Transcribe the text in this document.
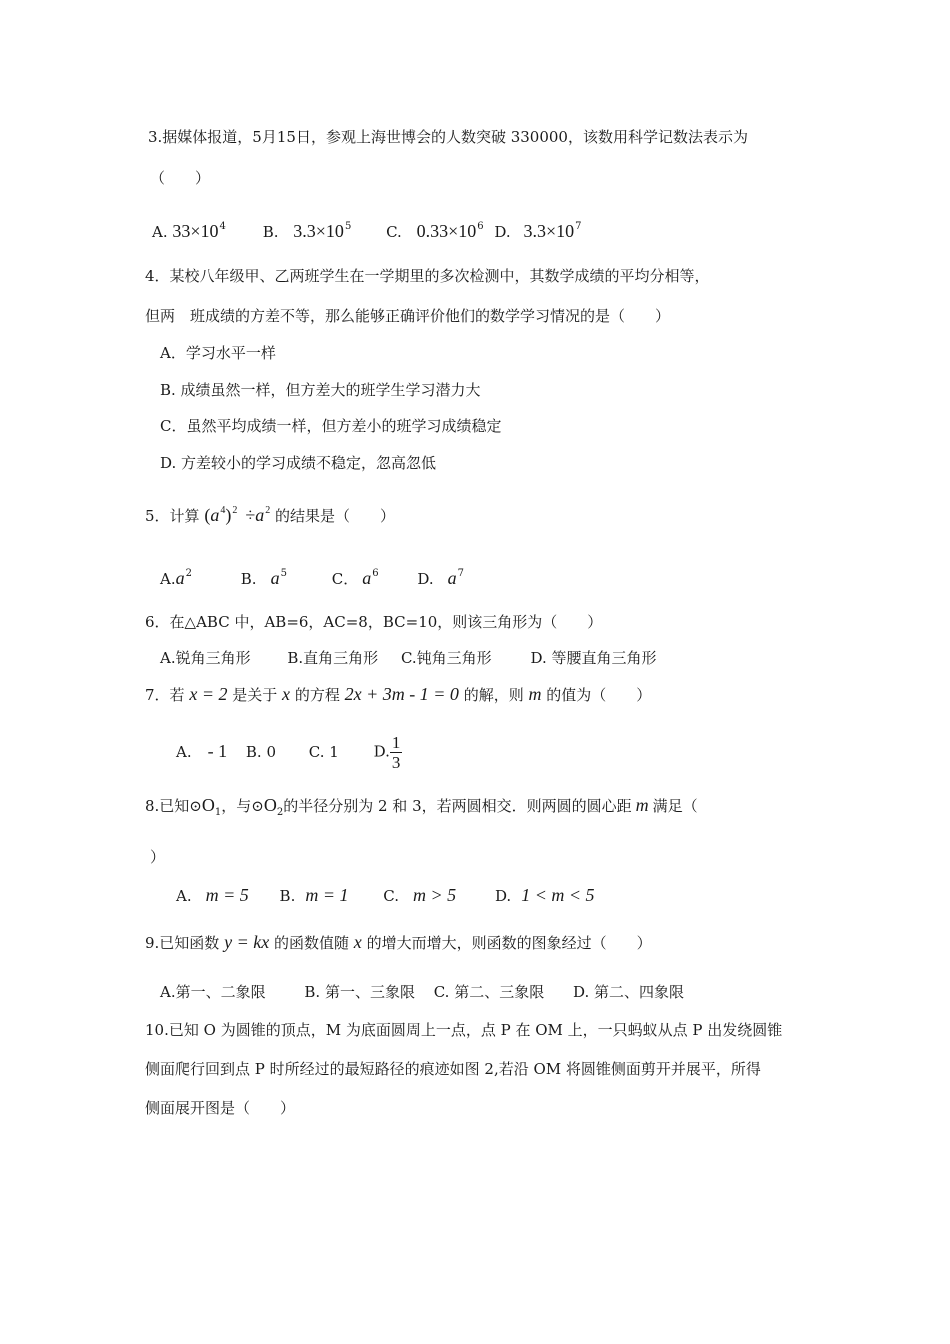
3.据媒体报道，5月15日，参观上海世博会的人数突破 330000，该数用科学记数法表示为
（　　）
A. $33\times 10^4$ B. $3.3\times 10^5$ C. $0.33\times 10^6$ D. $3.3\times 10^7$
4．某校八年级甲、乙两班学生在一学期里的多次检测中，其数学成绩的平均分相等，
但两　班成绩的方差不等，那么能够正确评价他们的数学学习情况的是（　　）
A．学习水平一样
B. 成绩虽然一样，但方差大的班学生学习潜力大
C．虽然平均成绩一样，但方差小的班学习成绩稳定
D. 方差较小的学习成绩不稳定，忽高忽低
5．计算 $(a^4)^2 \div a^2$ 的结果是（　　）
$A.a^2$	B. $a^5$	C． $a^6$	D. $a^7$
6．在△ABC 中，AB=6，AC=8，BC=10，则该三角形为（　　）
A.锐角三角形 B.直角三角形 C.钝角三角形	D. 等腰直角三角形
7．若 x = 2 是关于 x 的方程 2x + 3m - 1 = 0 的解，则 m 的值为（　　）
A. - 1 B. 0 C. 1 D. $\frac{1}{3}$
8.已知$⊙O_1$，与$⊙O_2$的半径分别为 2 和 3，若两圆相交．则两圆的圆心距 m 满足（
）
A. m = 5 B. m = 1 C. m > 5	D. 1 < m < 5
9.已知函数 y = kx 的函数值随 x 的增大而增大，则函数的图象经过（　　）
A.第一、二象限	B. 第一、三象限 C. 第二、三象限 D. 第二、四象限
10.已知 O 为圆锥的顶点，M 为底面圆周上一点，点 P 在 OM 上，一只蚂蚁从点 P 出发绕圆锥
侧面爬行回到点 P 时所经过的最短路径的痕迹如图 2,若沿 OM 将圆锥侧面剪开并展平，所得
侧面展开图是（　　）
